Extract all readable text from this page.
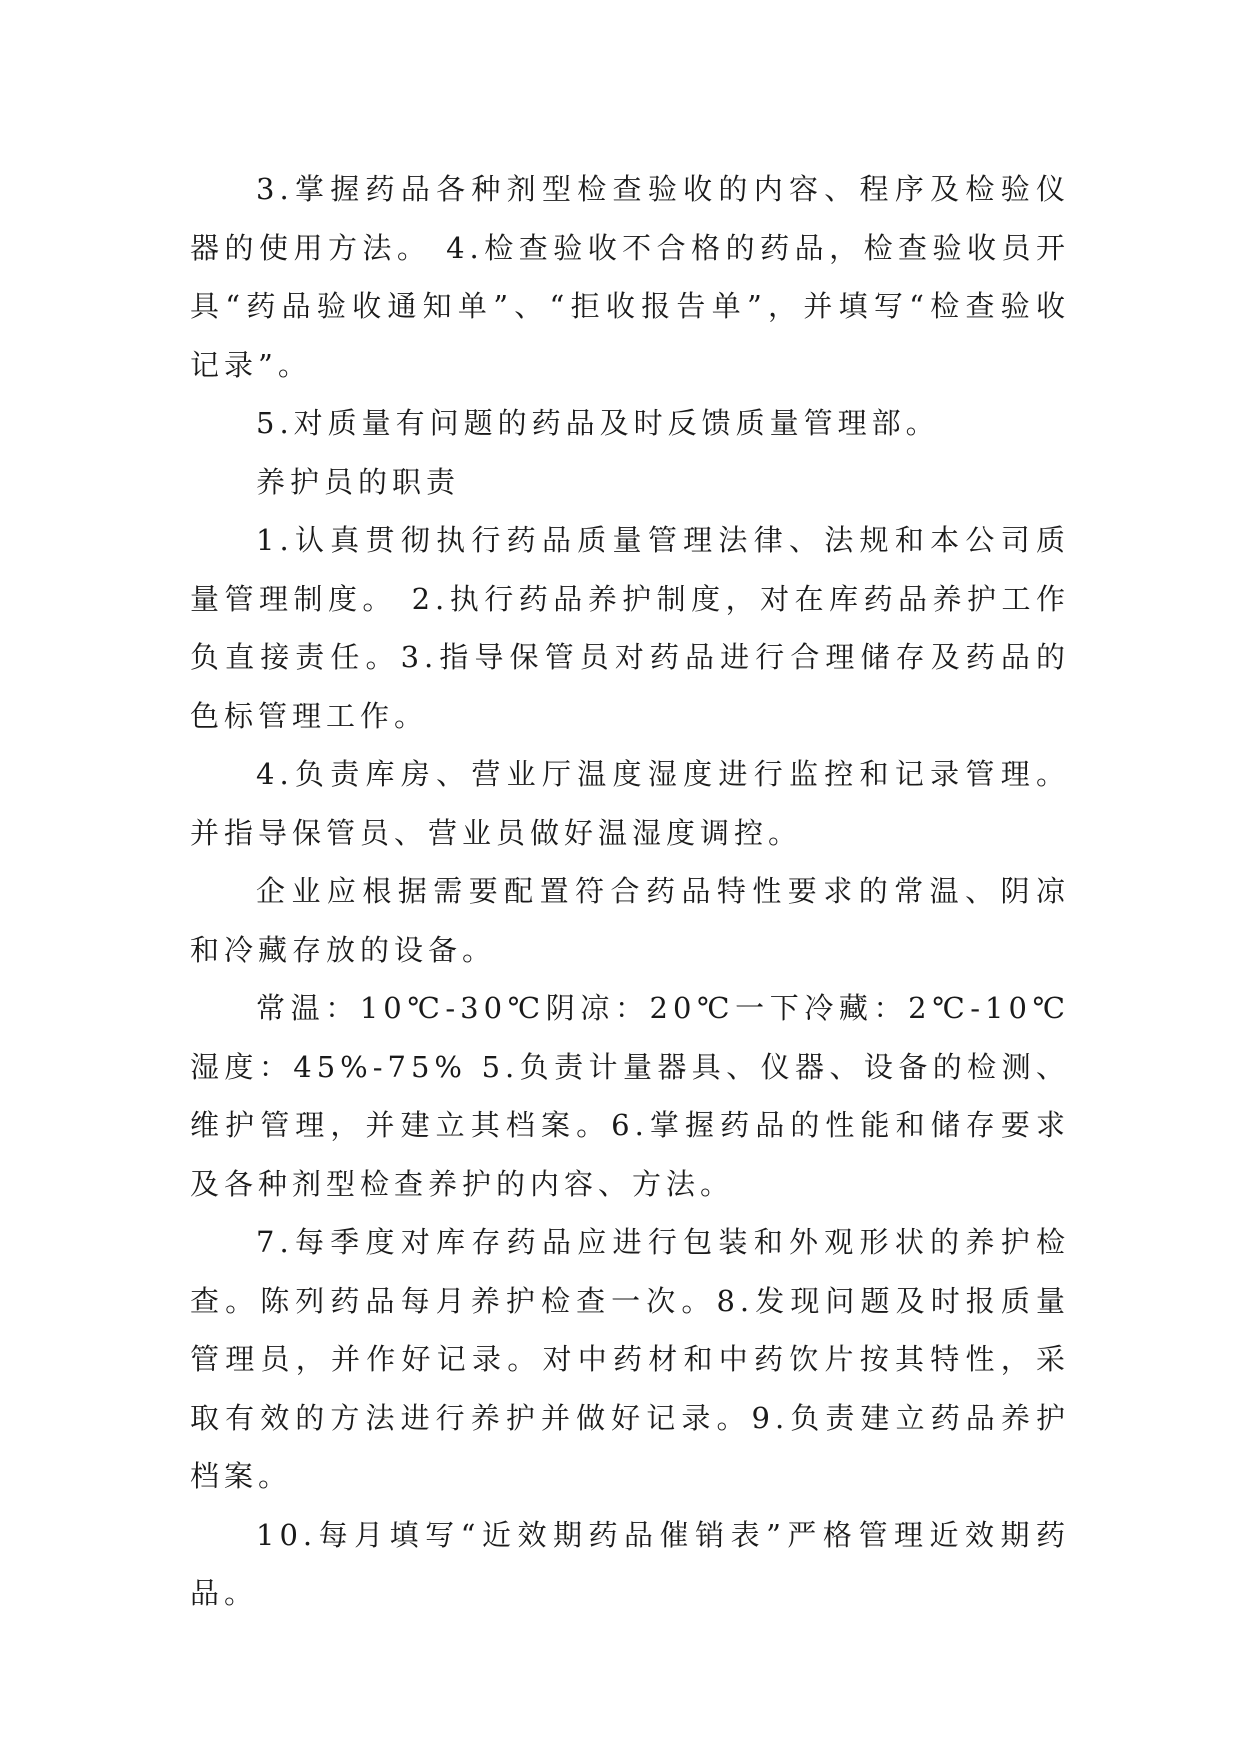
3.掌握药品各种剂型检查验收的内容、程序及检验仪器的使用方法。 4.检查验收不合格的药品，检查验收员开具“药品验收通知单”、“拒收报告单”，并填写“检查验收记录”。

5.对质量有问题的药品及时反馈质量管理部。

养护员的职责

1.认真贯彻执行药品质量管理法律、法规和本公司质量管理制度。 2.执行药品养护制度，对在库药品养护工作负直接责任。3.指导保管员对药品进行合理储存及药品的色标管理工作。

4.负责库房、营业厅温度湿度进行监控和记录管理。并指导保管员、营业员做好温湿度调控。

企业应根据需要配置符合药品特性要求的常温、阴凉和冷藏存放的设备。

常温：10℃-30℃阴凉：20℃一下冷藏：2℃-10℃湿度：45%-75% 5.负责计量器具、仪器、设备的检测、维护管理，并建立其档案。6.掌握药品的性能和储存要求及各种剂型检查养护的内容、方法。

7.每季度对库存药品应进行包装和外观形状的养护检查。陈列药品每月养护检查一次。8.发现问题及时报质量管理员，并作好记录。对中药材和中药饮片按其特性，采取有效的方法进行养护并做好记录。9.负责建立药品养护档案。

10.每月填写“近效期药品催销表”严格管理近效期药品。
